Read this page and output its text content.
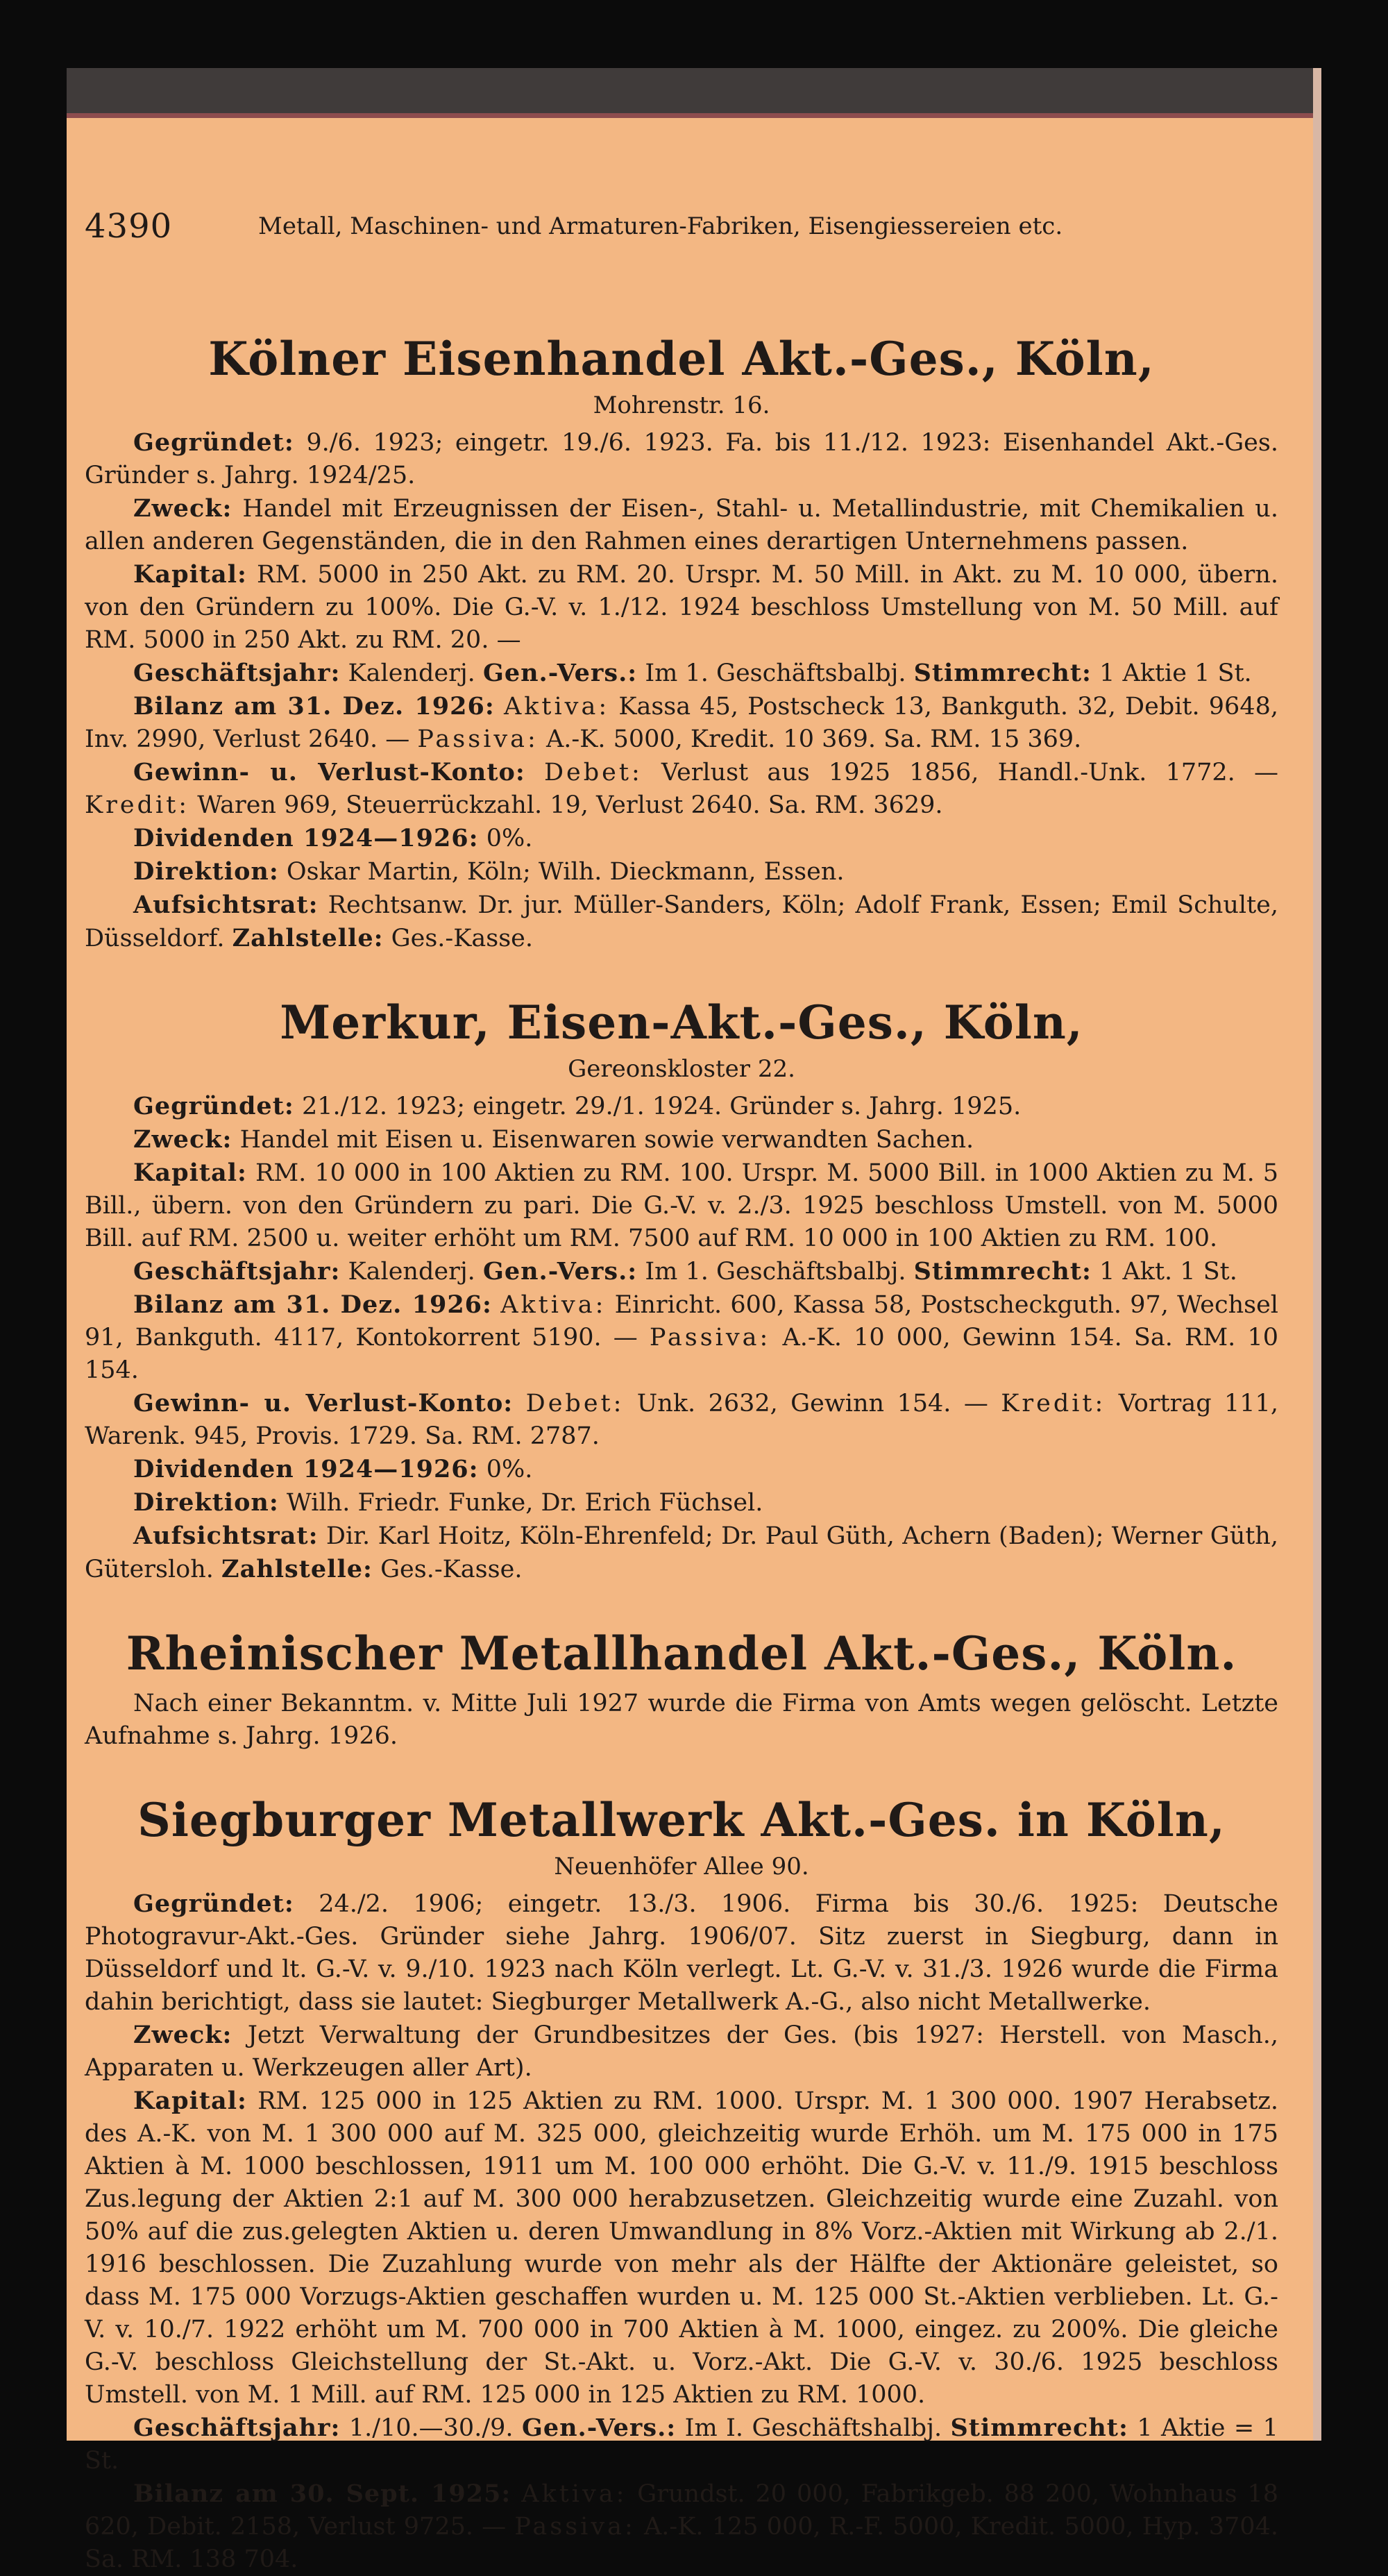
4390	Metall, Maschinen- und Armaturen-Fabriken, Eisengiessereien etc.
Kölner Eisenhandel Akt.-Ges., Köln,
Mohrenstr. 16.

Gegründet: 9./6. 1923; eingetr. 19./6. 1923. Fa. bis 11./12. 1923: Eisenhandel Akt.-Ges. Gründer s. Jahrg. 1924/25.

Zweck: Handel mit Erzeugnissen der Eisen-, Stahl- u. Metallindustrie, mit Chemikalien u. allen anderen Gegenständen, die in den Rahmen eines derartigen Unternehmens passen.

Kapital: RM. 5000 in 250 Akt. zu RM. 20. Urspr. M. 50 Mill. in Akt. zu M. 10 000, übern. von den Gründern zu 100%. Die G.-V. v. 1./12. 1924 beschloss Umstellung von M. 50 Mill. auf RM. 5000 in 250 Akt. zu RM. 20. —

Geschäftsjahr: Kalenderj. Gen.-Vers.: Im 1. Geschäftsbalbj. Stimmrecht: 1 Aktie 1 St.

Bilanz am 31. Dez. 1926: Aktiva: Kassa 45, Postscheck 13, Bankguth. 32, Debit. 9648, Inv. 2990, Verlust 2640. — Passiva: A.-K. 5000, Kredit. 10 369. Sa. RM. 15 369.

Gewinn- u. Verlust-Konto: Debet: Verlust aus 1925 1856, Handl.-Unk. 1772. — Kredit: Waren 969, Steuerrückzahl. 19, Verlust 2640. Sa. RM. 3629.

Dividenden 1924—1926: 0%.

Direktion: Oskar Martin, Köln; Wilh. Dieckmann, Essen.

Aufsichtsrat: Rechtsanw. Dr. jur. Müller-Sanders, Köln; Adolf Frank, Essen; Emil Schulte, Düsseldorf. Zahlstelle: Ges.-Kasse.

Merkur, Eisen-Akt.-Ges., Köln,
Gereonskloster 22.

Gegründet: 21./12. 1923; eingetr. 29./1. 1924. Gründer s. Jahrg. 1925.

Zweck: Handel mit Eisen u. Eisenwaren sowie verwandten Sachen.

Kapital: RM. 10 000 in 100 Aktien zu RM. 100. Urspr. M. 5000 Bill. in 1000 Aktien zu M. 5 Bill., übern. von den Gründern zu pari. Die G.-V. v. 2./3. 1925 beschloss Umstell. von M. 5000 Bill. auf RM. 2500 u. weiter erhöht um RM. 7500 auf RM. 10 000 in 100 Aktien zu RM. 100.

Geschäftsjahr: Kalenderj. Gen.-Vers.: Im 1. Geschäftsbalbj. Stimmrecht: 1 Akt. 1 St.

Bilanz am 31. Dez. 1926: Aktiva: Einricht. 600, Kassa 58, Postscheckguth. 97, Wechsel 91, Bankguth. 4117, Kontokorrent 5190. — Passiva: A.-K. 10 000, Gewinn 154. Sa. RM. 10 154.

Gewinn- u. Verlust-Konto: Debet: Unk. 2632, Gewinn 154. — Kredit: Vortrag 111, Warenk. 945, Provis. 1729. Sa. RM. 2787.

Dividenden 1924—1926: 0%.

Direktion: Wilh. Friedr. Funke, Dr. Erich Füchsel.

Aufsichtsrat: Dir. Karl Hoitz, Köln-Ehrenfeld; Dr. Paul Güth, Achern (Baden); Werner Güth, Gütersloh. Zahlstelle: Ges.-Kasse.

Rheinischer Metallhandel Akt.-Ges., Köln.

Nach einer Bekanntm. v. Mitte Juli 1927 wurde die Firma von Amts wegen gelöscht. Letzte Aufnahme s. Jahrg. 1926.

Siegburger Metallwerk Akt.-Ges. in Köln,
Neuenhöfer Allee 90.

Gegründet: 24./2. 1906; eingetr. 13./3. 1906. Firma bis 30./6. 1925: Deutsche Photogravur-Akt.-Ges. Gründer siehe Jahrg. 1906/07. Sitz zuerst in Siegburg, dann in Düsseldorf und lt. G.-V. v. 9./10. 1923 nach Köln verlegt. Lt. G.-V. v. 31./3. 1926 wurde die Firma dahin berichtigt, dass sie lautet: Siegburger Metallwerk A.-G., also nicht Metallwerke.

Zweck: Jetzt Verwaltung der Grundbesitzes der Ges. (bis 1927: Herstell. von Masch., Apparaten u. Werkzeugen aller Art).

Kapital: RM. 125 000 in 125 Aktien zu RM. 1000. Urspr. M. 1 300 000. 1907 Herabsetz. des A.-K. von M. 1 300 000 auf M. 325 000, gleichzeitig wurde Erhöh. um M. 175 000 in 175 Aktien à M. 1000 beschlossen, 1911 um M. 100 000 erhöht. Die G.-V. v. 11./9. 1915 beschloss Zus.legung der Aktien 2:1 auf M. 300 000 herabzusetzen. Gleichzeitig wurde eine Zuzahl. von 50% auf die zus.gelegten Aktien u. deren Umwandlung in 8% Vorz.-Aktien mit Wirkung ab 2./1. 1916 beschlossen. Die Zuzahlung wurde von mehr als der Hälfte der Aktionäre geleistet, so dass M. 175 000 Vorzugs-Aktien geschaffen wurden u. M. 125 000 St.-Aktien verblieben. Lt. G.-V. v. 10./7. 1922 erhöht um M. 700 000 in 700 Aktien à M. 1000, eingez. zu 200%. Die gleiche G.-V. beschloss Gleichstellung der St.-Akt. u. Vorz.-Akt. Die G.-V. v. 30./6. 1925 beschloss Umstell. von M. 1 Mill. auf RM. 125 000 in 125 Aktien zu RM. 1000.

Geschäftsjahr: 1./10.—30./9. Gen.-Vers.: Im I. Geschäftshalbj. Stimmrecht: 1 Aktie = 1 St.

Bilanz am 30. Sept. 1925: Aktiva: Grundst. 20 000, Fabrikgeb. 88 200, Wohnhaus 18 620, Debit. 2158, Verlust 9725. — Passiva: A.-K. 125 000, R.-F. 5000, Kredit. 5000, Hyp. 3704. Sa. RM. 138 704.
